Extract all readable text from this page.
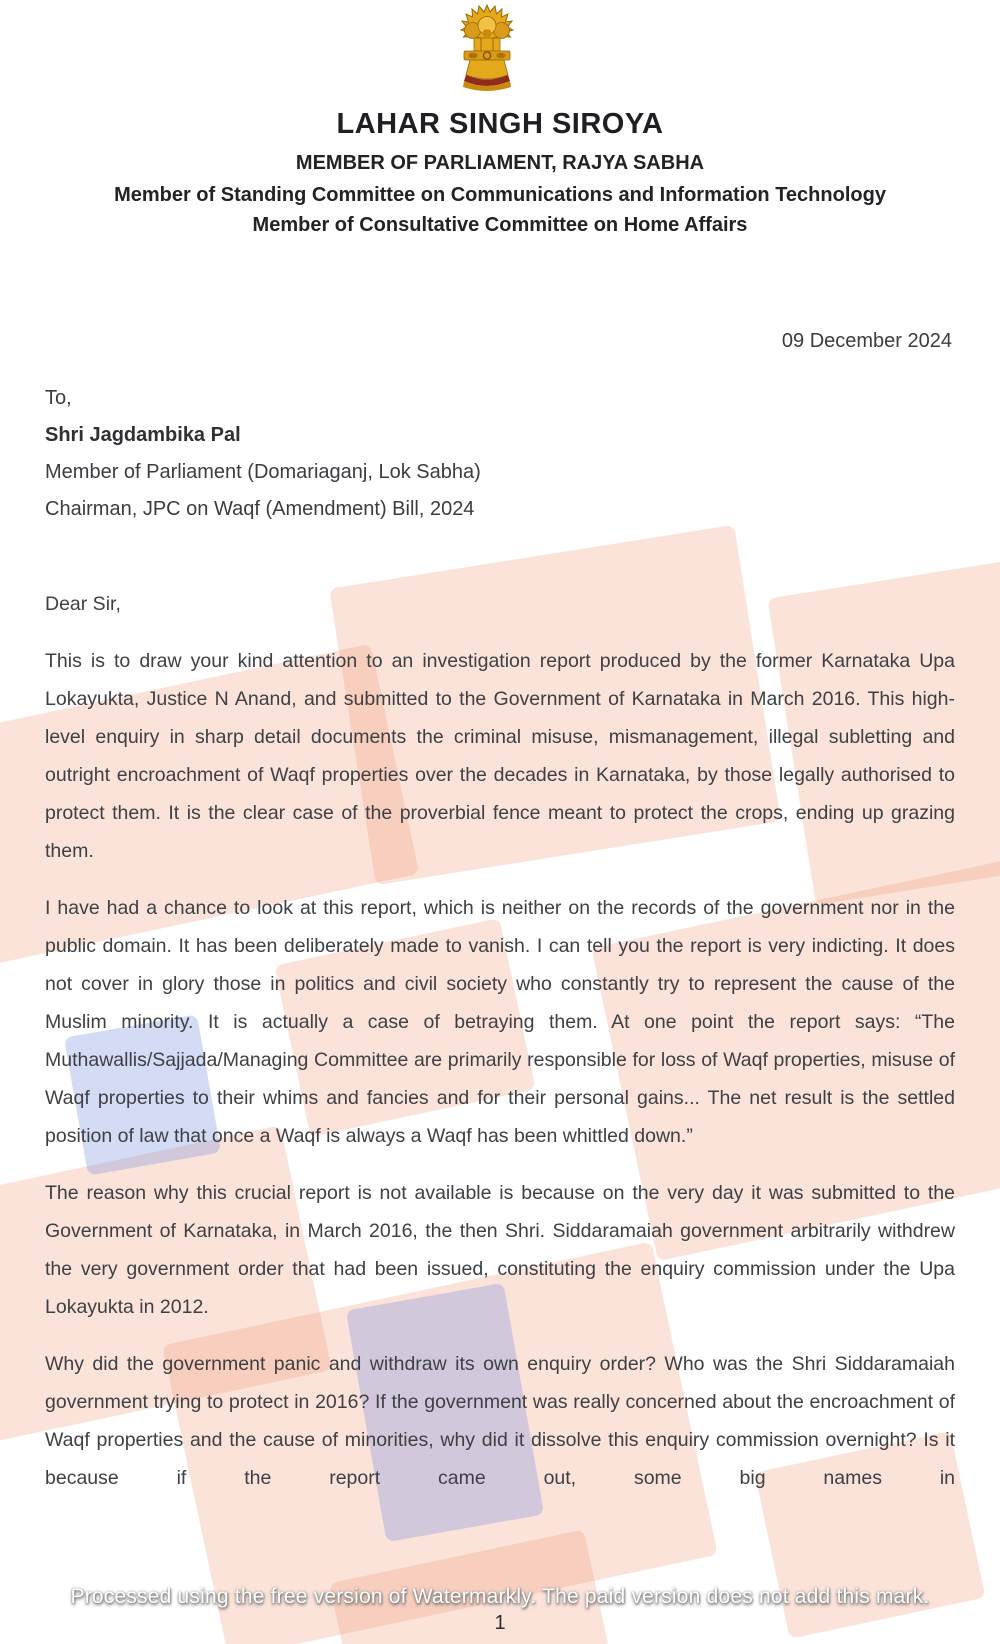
LAHAR SINGH SIROYA
MEMBER OF PARLIAMENT, RAJYA SABHA
Member of Standing Committee on Communications and Information Technology
Member of Consultative Committee on Home Affairs
09 December 2024
To,
Shri Jagdambika Pal
Member of Parliament (Domariaganj, Lok Sabha)
Chairman, JPC on Waqf (Amendment) Bill, 2024

Dear Sir,

This is to draw your kind attention to an investigation report produced by the former Karnataka Upa Lokayukta, Justice N Anand, and submitted to the Government of Karnataka in March 2016. This high-level enquiry in sharp detail documents the criminal misuse, mismanagement, illegal subletting and outright encroachment of Waqf properties over the decades in Karnataka, by those legally authorised to protect them. It is the clear case of the proverbial fence meant to protect the crops, ending up grazing them.

I have had a chance to look at this report, which is neither on the records of the government nor in the public domain. It has been deliberately made to vanish. I can tell you the report is very indicting. It does not cover in glory those in politics and civil society who constantly try to represent the cause of the Muslim minority. It is actually a case of betraying them. At one point the report says: “The Muthawallis/Sajjada/Managing Committee are primarily responsible for loss of Waqf properties, misuse of Waqf properties to their whims and fancies and for their personal gains... The net result is the settled position of law that once a Waqf is always a Waqf has been whittled down.”

The reason why this crucial report is not available is because on the very day it was submitted to the Government of Karnataka, in March 2016, the then Shri. Siddaramaiah government arbitrarily withdrew the very government order that had been issued, constituting the enquiry commission under the Upa Lokayukta in 2012.

Why did the government panic and withdraw its own enquiry order? Who was the Shri Siddaramaiah government trying to protect in 2016? If the government was really concerned about the encroachment of Waqf properties and the cause of minorities, why did it dissolve this enquiry commission overnight? Is it because if the report came out, some big names in

Processed using the free version of Watermarkly. The paid version does not add this mark.
1
